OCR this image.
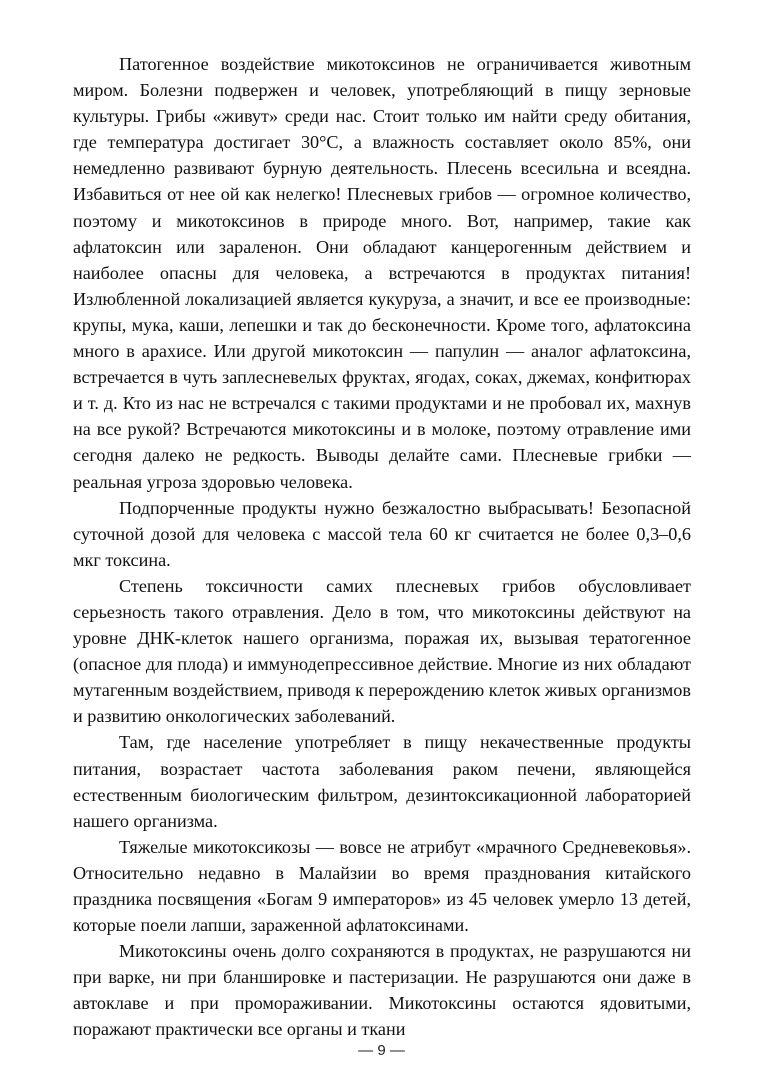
Патогенное воздействие микотоксинов не ограничивается животным миром. Болезни подвержен и человек, употребляющий в пищу зерновые культуры. Грибы «живут» среди нас. Стоит только им найти среду обитания, где температура достигает 30°С, а влажность составляет около 85%, они немедленно развивают бурную деятельность. Плесень всесильна и всеядна. Избавиться от нее ой как нелегко! Плесневых грибов — огромное количество, поэтому и микотоксинов в природе много. Вот, например, такие как афлатоксин или зараленон. Они обладают канцерогенным действием и наиболее опасны для человека, а встречаются в продуктах питания! Излюбленной локализацией является кукуруза, а значит, и все ее производные: крупы, мука, каши, лепешки и так до бесконечности. Кроме того, афлатоксина много в арахисе. Или другой микотоксин — папулин — аналог афлатоксина, встречается в чуть заплесневелых фруктах, ягодах, соках, джемах, конфитюрах и т. д. Кто из нас не встречался с такими продуктами и не пробовал их, махнув на все рукой? Встречаются микотоксины и в молоке, поэтому отравление ими сегодня далеко не редкость. Выводы делайте сами. Плесневые грибки — реальная угроза здоровью человека.

Подпорченные продукты нужно безжалостно выбрасывать! Безопасной суточной дозой для человека с массой тела 60 кг считается не более 0,3–0,6 мкг токсина.

Степень токсичности самих плесневых грибов обусловливает серьезность такого отравления. Дело в том, что микотоксины действуют на уровне ДНК-клеток нашего организма, поражая их, вызывая тератогенное (опасное для плода) и иммунодепрессивное действие. Многие из них обладают мутагенным воздействием, приводя к перерождению клеток живых организмов и развитию онкологических заболеваний.

Там, где население употребляет в пищу некачественные продукты питания, возрастает частота заболевания раком печени, являющейся естественным биологическим фильтром, дезинтоксикационной лабораторией нашего организма.

Тяжелые микотоксикозы — вовсе не атрибут «мрачного Средневековья». Относительно недавно в Малайзии во время празднования китайского праздника посвящения «Богам 9 императоров» из 45 человек умерло 13 детей, которые поели лапши, зараженной афлатоксинами.

Микотоксины очень долго сохраняются в продуктах, не разрушаются ни при варке, ни при бланшировке и пастеризации. Не разрушаются они даже в автоклаве и при промораживании. Микотоксины остаются ядовитыми, поражают практически все органы и ткани

— 9 —
